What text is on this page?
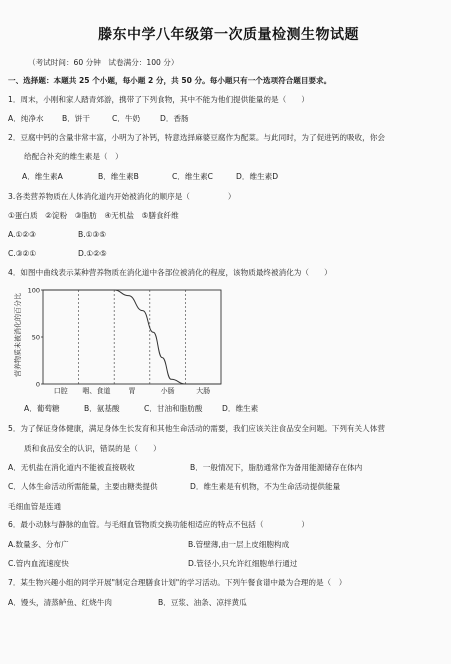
滕东中学八年级第一次质量检测生物试题
（考试时间：60 分钟　试卷满分：100 分）
一、选择题：本题共 25 个小题，每小题 2 分，共 50 分。每小题只有一个选项符合题目要求。
1．周末，小刚和家人踏青郊游，携带了下列食物，其中不能为他们提供能量的是（　　）
A．纯净水 B．饼干	C．牛奶	D．香肠
2．豆腐中钙的含量非常丰富，小明为了补钙，特意选择麻婆豆腐作为配菜。与此同时，为了促进钙的吸收，你会
给配合补充的维生素是（　）
A．维生素A	B．维生素B	C．维生素C	D．维生素D
3.各类营养物质在人体消化道内开始被消化的顺序是（　　　　　）
①蛋白质　②淀粉　③脂肪　④无机盐　⑤膳食纤维
A.①②③	B.①③⑤
C.③②①	D.①②⑤
4．如图中曲线表示某种营养物质在消化道中各部位被消化的程度，该物质最终被消化为（　　）
营养物质未被消化的百分比
100
50
0
口腔 咽、食道	胃	小肠	大肠
A．葡萄糖	B．氨基酸	C．甘油和脂肪酸	D．维生素
5．为了保证身体健康，满足身体生长发育和其他生命活动的需要，我们应该关注食品安全问题。下列有关人体营
质和食品安全的认识，错误的是（　　）
A．无机盐在消化道内不能被直接吸收	B．一般情况下，脂肪通常作为备用能源储存在体内
C．人体生命活动所需能量，主要由糖类提供	D．维生素是有机物，不为生命活动提供能量
毛细血管是连通
6．最小动脉与静脉的血管。与毛细血管物质交换功能相适应的特点不包括（　　　　　）
A.数量多、分布广	B.管壁薄,由一层上皮细胞构成
C.管内血流速度快	D.管径小,只允许红细胞单行通过
7．某生物兴趣小组的同学开展"制定合理膳食计划"的学习活动。下列午餐食谱中最为合理的是（　）
A．馒头，清蒸鲈鱼、红烧牛肉	B．豆浆、油条、凉拌黄瓜
